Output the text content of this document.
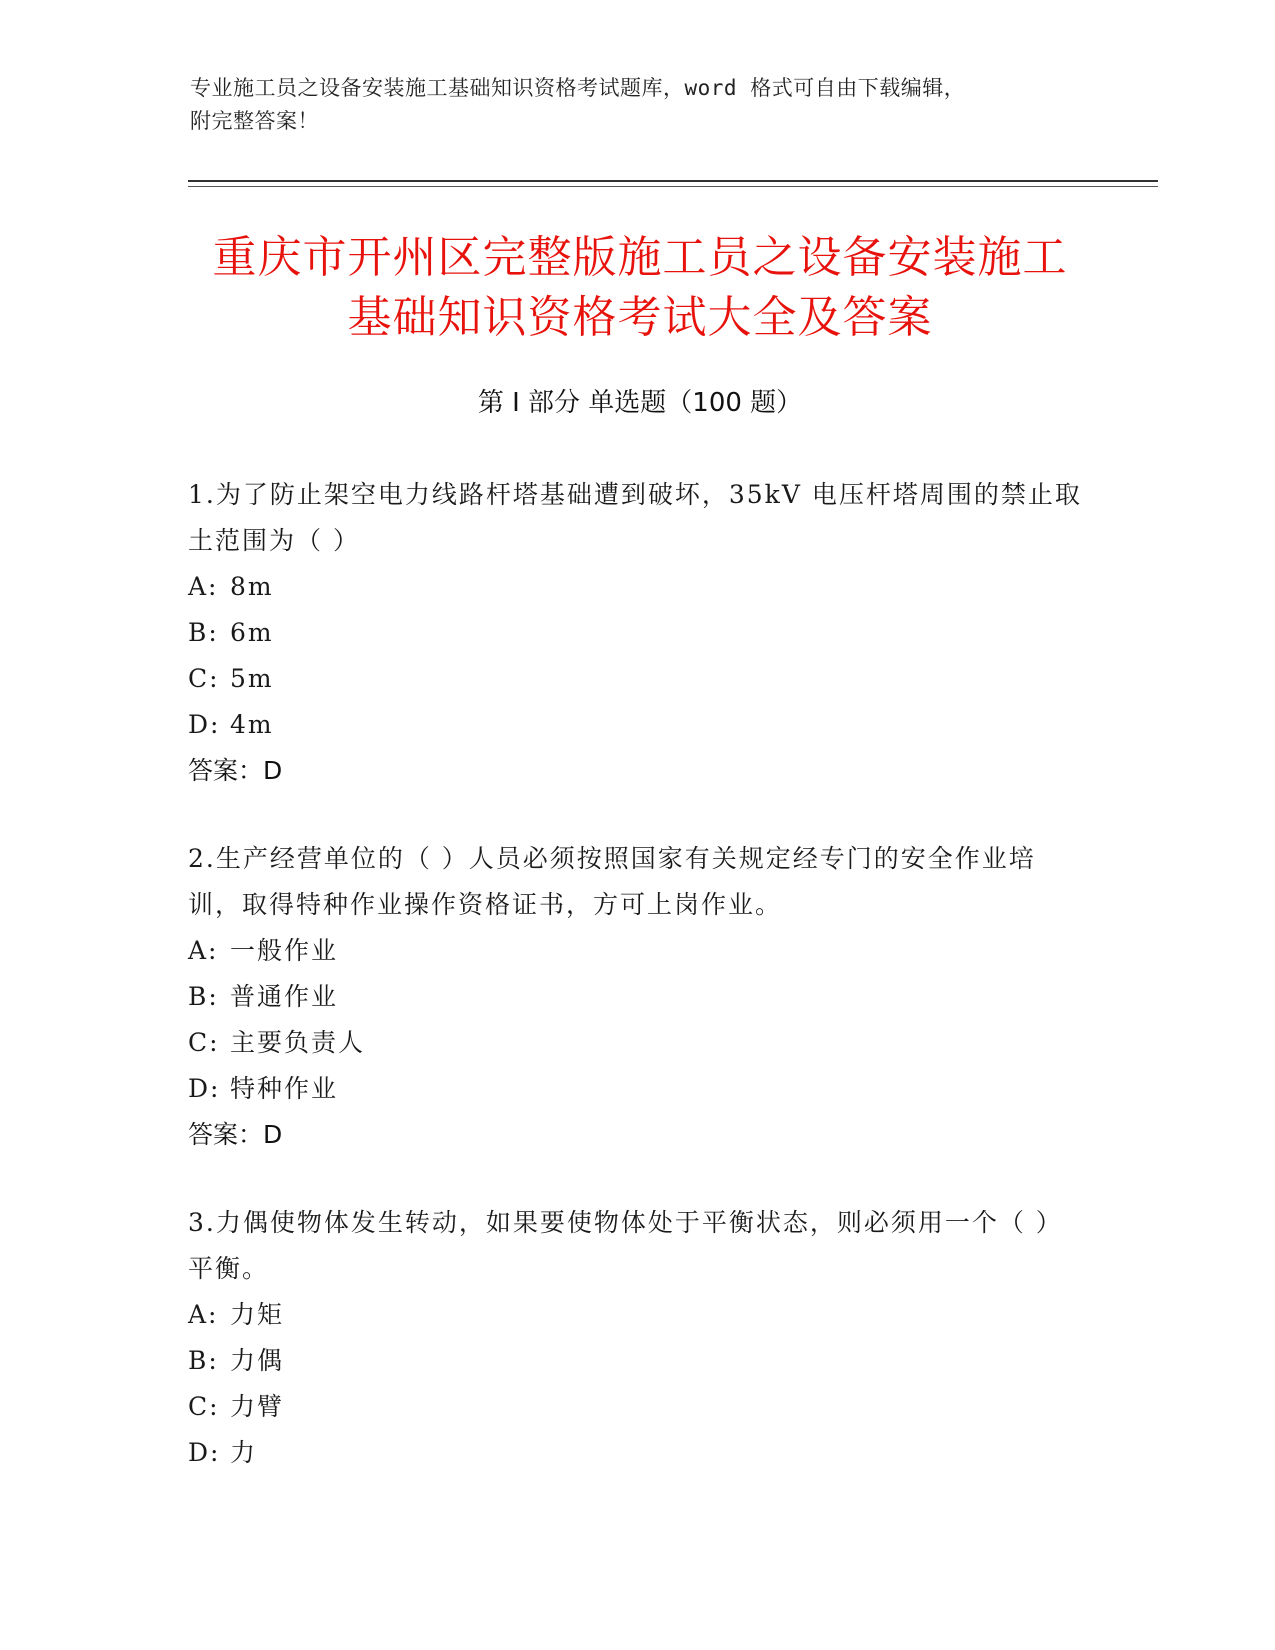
专业施工员之设备安装施工基础知识资格考试题库，word 格式可自由下载编辑，
附完整答案！
重庆市开州区完整版施工员之设备安装施工
基础知识资格考试大全及答案
第 I 部分 单选题（100 题）
1.为了防止架空电力线路杆塔基础遭到破坏，35kV 电压杆塔周围的禁止取土范围为（ ）
A: 8m
B: 6m
C: 5m
D: 4m
答案：D
2.生产经营单位的（ ）人员必须按照国家有关规定经专门的安全作业培训，取得特种作业操作资格证书，方可上岗作业。
A: 一般作业
B: 普通作业
C: 主要负责人
D: 特种作业
答案：D
3.力偶使物体发生转动，如果要使物体处于平衡状态，则必须用一个（ ）平衡。
A: 力矩
B: 力偶
C: 力臂
D: 力
